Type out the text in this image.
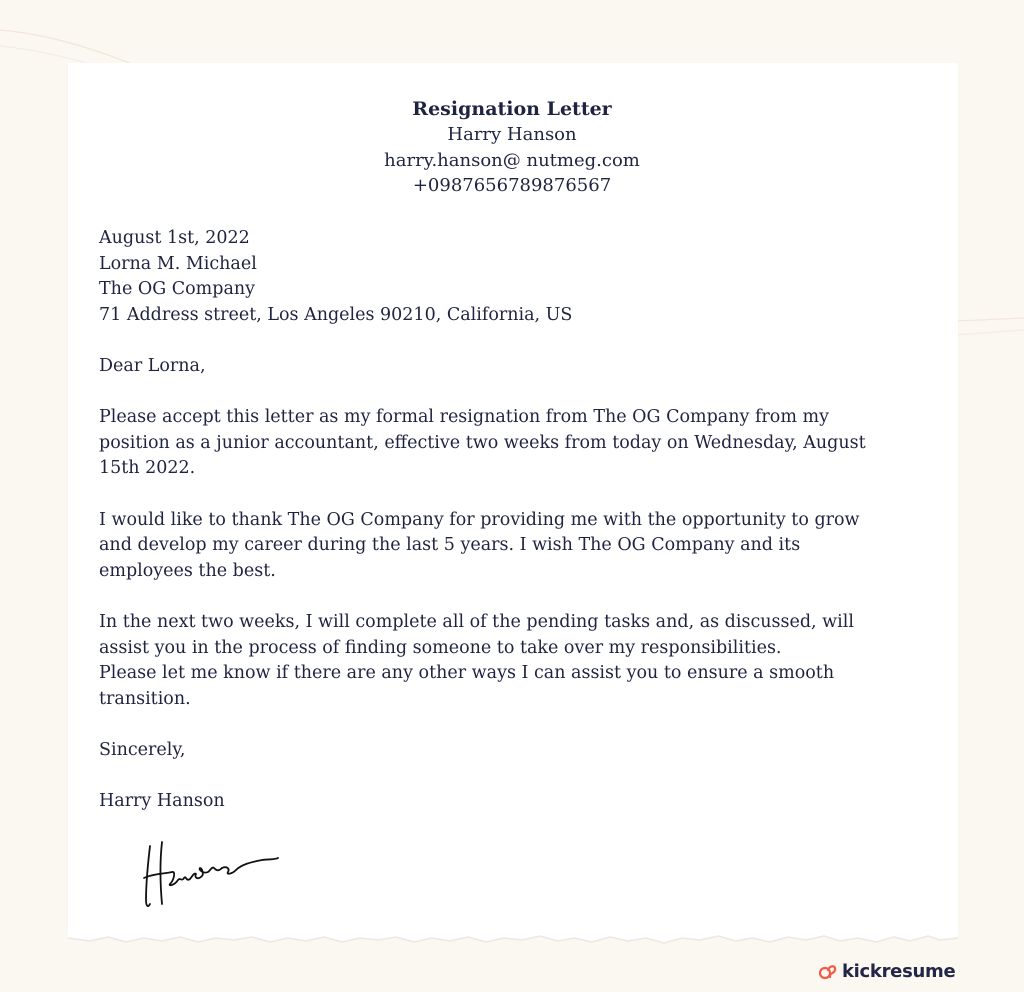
Resignation Letter

Harry Hanson

harry.hanson@ nutmeg.com

+0987656789876567

August 1st, 2022

Lorna M. Michael

The OG Company

71 Address street, Los Angeles 90210, California, US

Dear Lorna,

Please accept this letter as my formal resignation from The OG Company from my

position as a junior accountant, effective two weeks from today on Wednesday, August

15th 2022.

I would like to thank The OG Company for providing me with the opportunity to grow

and develop my career during the last 5 years. I wish The OG Company and its

employees the best.

In the next two weeks, I will complete all of the pending tasks and, as discussed, will

assist you in the process of finding someone to take over my responsibilities.

Please let me know if there are any other ways I can assist you to ensure a smooth

transition.

Sincerely,

Harry Hanson

kickresume
